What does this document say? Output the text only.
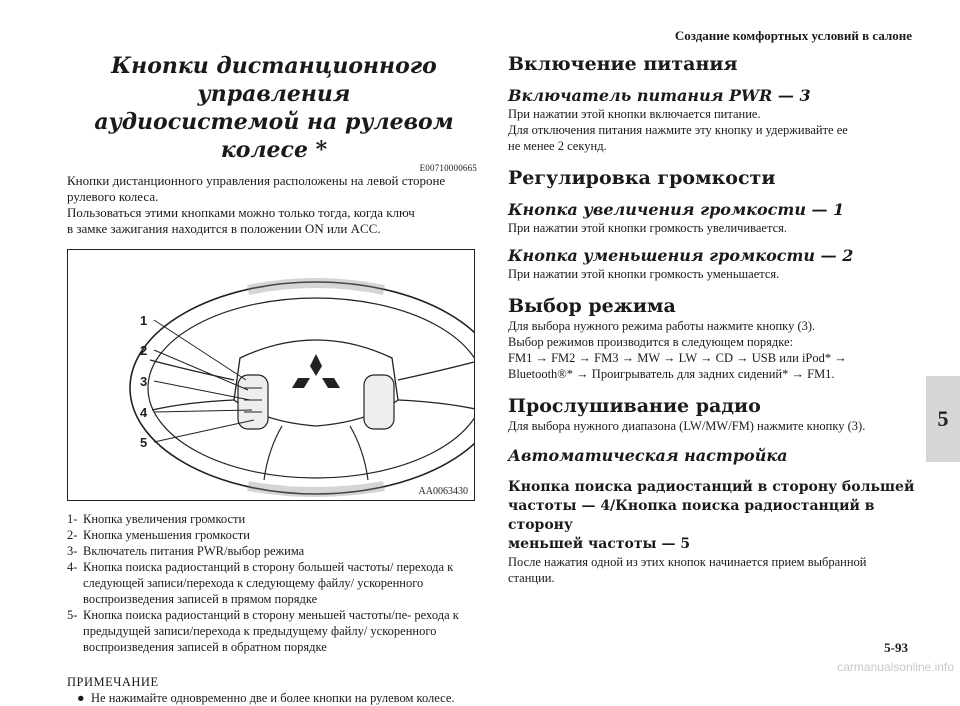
Создание комфортных условий в салоне
5
5-93
carmanualsonline.info
Кнопки дистанционного управления
аудиосистемой на рулевом колесе *
E00710000665

Кнопки дистанционного управления расположены на левой стороне

рулевого колеса.

Пользоваться этими кнопками можно только тогда, когда ключ

в замке зажигания находится в положении ON или ACC.

1
2
3
4
5
AA0063430
1- Кнопка увеличения громкости
2- Кнопка уменьшения громкости
3- Включатель питания PWR/выбор режима
4- Кнопка поиска радиостанций в сторону большей частоты/ перехода к следующей записи/перехода к следующему файлу/ ускоренного воспроизведения записей в прямом порядке
5- Кнопка поиска радиостанций в сторону меньшей частоты/пе- рехода к предыдущей записи/перехода к предыдущему файлу/ ускоренного воспроизведения записей в обратном порядке
ПРИМЕЧАНИЕ
● Не нажимайте одновременно две и более кнопки на рулевом колесе.
Включение питания
Включатель питания PWR — 3

При нажатии этой кнопки включается питание.

Для отключения питания нажмите эту кнопку и удерживайте ее

не менее 2 секунд.

Регулировка громкости
Кнопка увеличения громкости — 1

При нажатии этой кнопки громкость увеличивается.

Кнопка уменьшения громкости — 2

При нажатии этой кнопки громкость уменьшается.

Выбор режима

Для выбора нужного режима работы нажмите кнопку (3).

Выбор режимов производится в следующем порядке:

FM1 → FM2 → FM3 → MW → LW → CD → USB или iPod* →

Bluetooth®* → Проигрыватель для задних сидений* → FM1.

Прослушивание радио

Для выбора нужного диапазона (LW/MW/FM) нажмите кнопку (3).

Автоматическая настройка
Кнопка поиска радиостанций в сторону большей
частоты — 4/Кнопка поиска радиостанций в сторону
меньшей частоты — 5

После нажатия одной из этих кнопок начинается прием выбранной

станции.
